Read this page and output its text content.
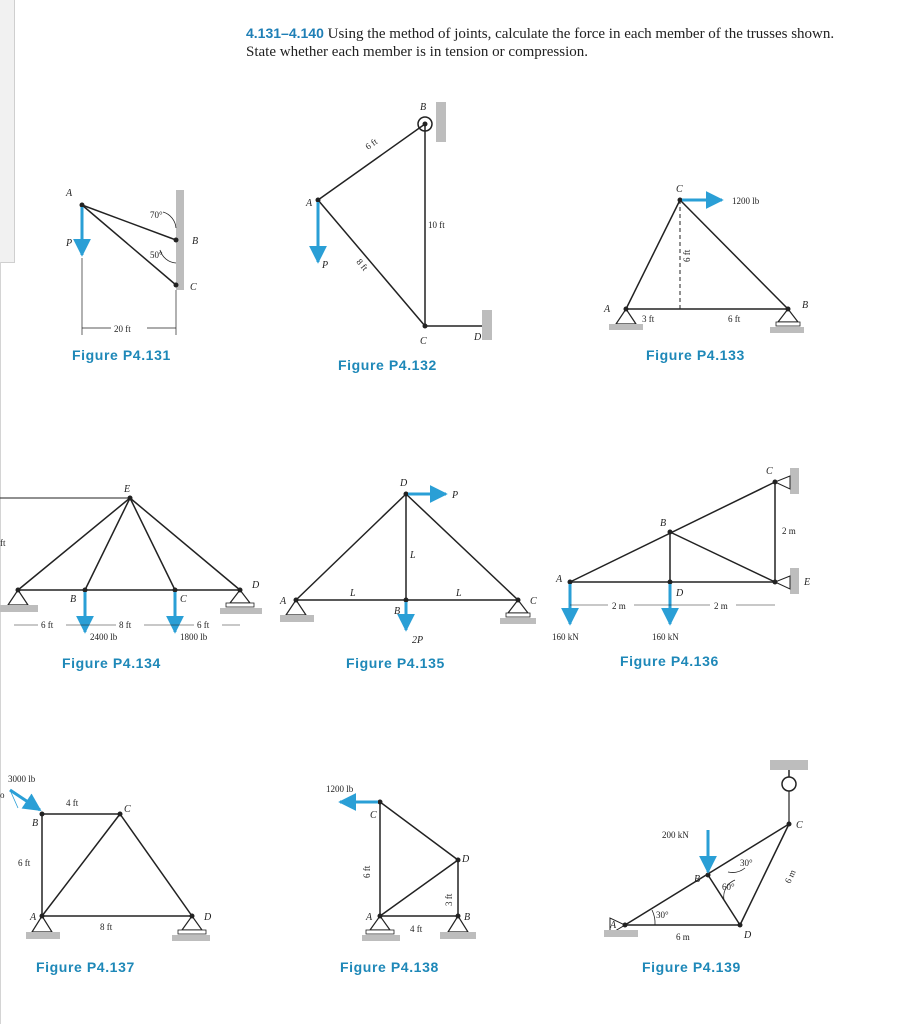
4.131–4.140 Using the method of joints, calculate the force in each member of the trusses shown. State whether each member is in tension or compression.
A
B
C
P
70°
50°
20 ft
Figure P4.131
A
B
C	D
P
6 ft
8 ft
10 ft
Figure P4.132
1200 lb
C
A	B
6 ft
3 ft	6 ft
Figure P4.133
E
B	C
D
ft
6 ft	8 ft	6 ft
2400 lb	1800 lb
Figure P4.134
D
P
A
B
C
2P
L	L
L
Figure P4.135
A
B
C
D
E
2 m	2 m
2 m
160 kN	160 kN
Figure P4.136
3000 lb
o
B
C
A	D
4 ft
6 ft
8 ft
Figure P4.137
1200 lb
C
D
A	B
6 ft
4 ft
3 ft
Figure P4.138
200 kN
30°
60°
30°
A
B
C
D
6 m
6 m
Figure P4.139
